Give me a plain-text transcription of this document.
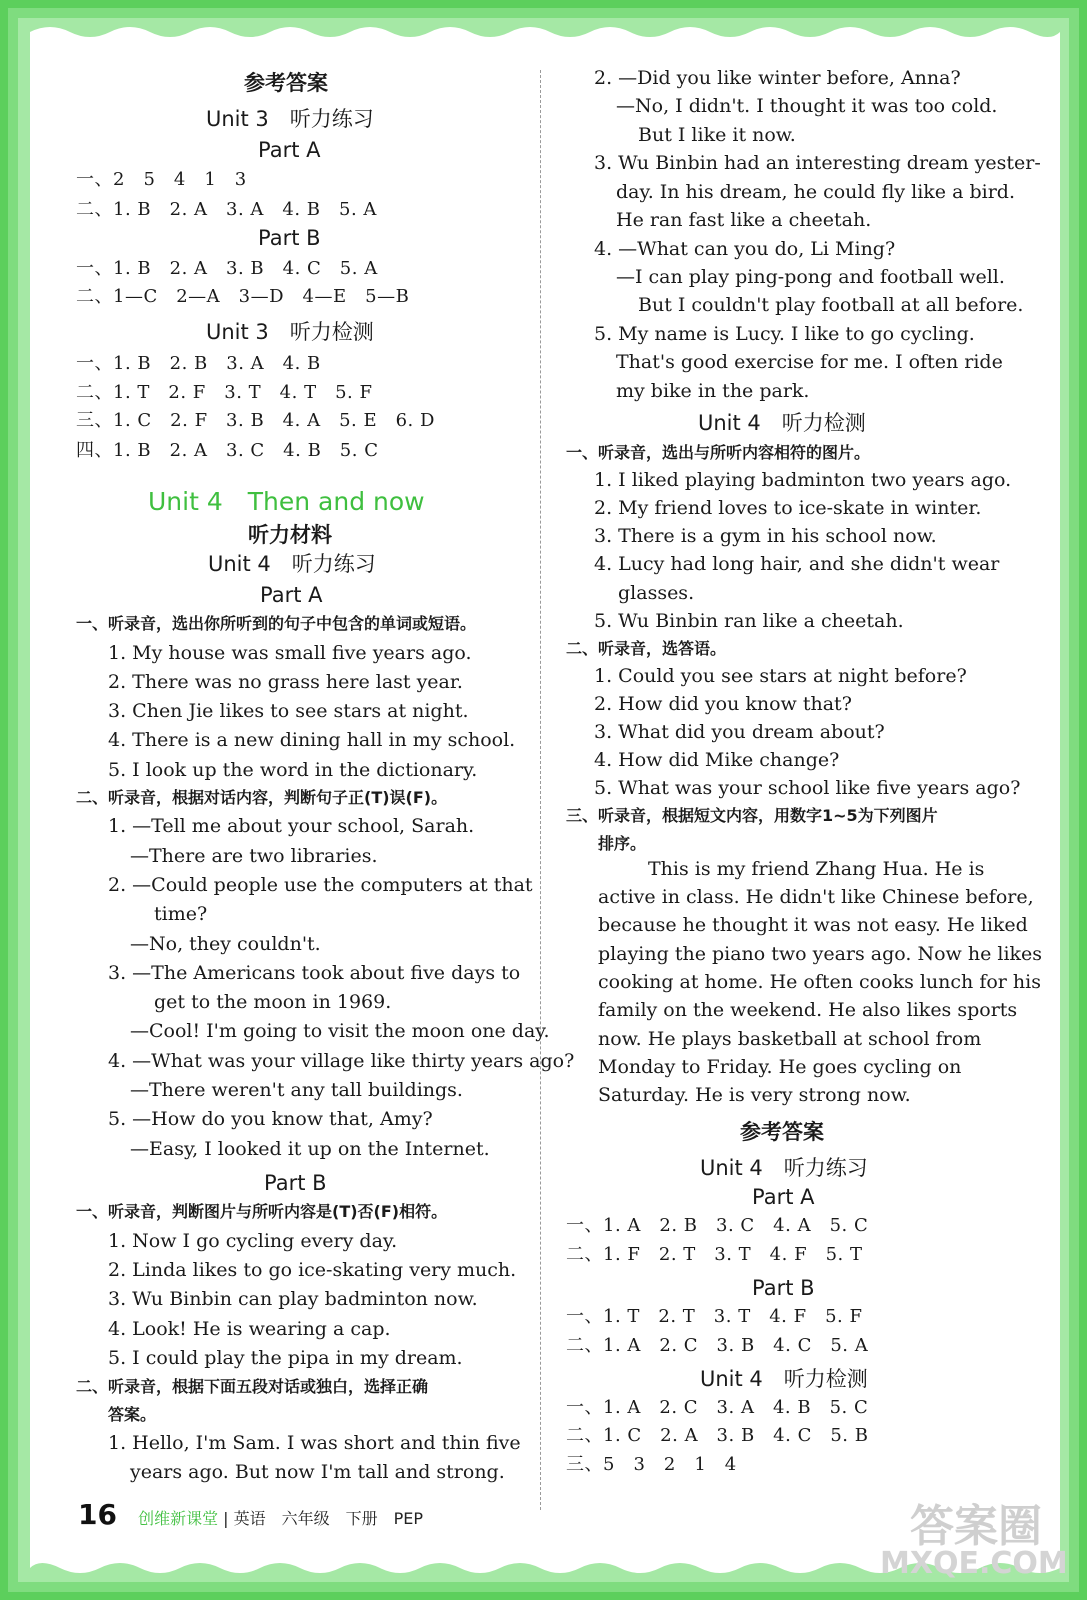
参考答案
Unit 3　听力练习
Part A
一、2　5　4　1　3
二、1. B　2. A　3. A　4. B　5. A
Part B
一、1. B　2. A　3. B　4. C　5. A
二、1—C　2—A　3—D　4—E　5—B
Unit 3　听力检测
一、1. B　2. B　3. A　4. B
二、1. T　2. F　3. T　4. T　5. F
三、1. C　2. F　3. B　4. A　5. E　6. D
四、1. B　2. A　3. C　4. B　5. C
Unit 4　Then and now
听力材料
Unit 4　听力练习
Part A
一、听录音，选出你所听到的句子中包含的单词或短语。
1. My house was small five years ago.
2. There was no grass here last year.
3. Chen Jie likes to see stars at night.
4. There is a new dining hall in my school.
5. I look up the word in the dictionary.
二、听录音，根据对话内容，判断句子正(T)误(F)。
1. —Tell me about your school, Sarah.
—There are two libraries.
2. —Could people use the computers at that
time?
—No, they couldn't.
3. —The Americans took about five days to
get to the moon in 1969.
—Cool! I'm going to visit the moon one day.
4. —What was your village like thirty years ago?
—There weren't any tall buildings.
5. —How do you know that, Amy?
—Easy, I looked it up on the Internet.
Part B
一、听录音，判断图片与所听内容是(T)否(F)相符。
1. Now I go cycling every day.
2. Linda likes to go ice-skating very much.
3. Wu Binbin can play badminton now.
4. Look! He is wearing a cap.
5. I could play the pipa in my dream.
二、听录音，根据下面五段对话或独白，选择正确
答案。
1. Hello, I'm Sam. I was short and thin five
years ago. But now I'm tall and strong.
2. —Did you like winter before, Anna?
—No, I didn't. I thought it was too cold.
But I like it now.
3. Wu Binbin had an interesting dream yester-
day. In his dream, he could fly like a bird.
He ran fast like a cheetah.
4. —What can you do, Li Ming?
—I can play ping-pong and football well.
But I couldn't play football at all before.
5. My name is Lucy. I like to go cycling.
That's good exercise for me. I often ride
my bike in the park.
Unit 4　听力检测
一、听录音，选出与所听内容相符的图片。
1. I liked playing badminton two years ago.
2. My friend loves to ice-skate in winter.
3. There is a gym in his school now.
4. Lucy had long hair, and she didn't wear
glasses.
5. Wu Binbin ran like a cheetah.
二、听录音，选答语。
1. Could you see stars at night before?
2. How did you know that?
3. What did you dream about?
4. How did Mike change?
5. What was your school like five years ago?
三、听录音，根据短文内容，用数字1~5为下列图片
排序。
This is my friend Zhang Hua. He is
active in class. He didn't like Chinese before,
because he thought it was not easy. He liked
playing the piano two years ago. Now he likes
cooking at home. He often cooks lunch for his
family on the weekend. He also likes sports
now. He plays basketball at school from
Monday to Friday. He goes cycling on
Saturday. He is very strong now.
参考答案
Unit 4　听力练习
Part A
一、1. A　2. B　3. C　4. A　5. C
二、1. F　2. T　3. T　4. F　5. T
Part B
一、1. T　2. T　3. T　4. F　5. F
二、1. A　2. C　3. B　4. C　5. A
Unit 4　听力检测
一、1. A　2. C　3. A　4. B　5. C
二、1. C　2. A　3. B　4. C　5. B
三、5　3　2　1　4
16 创维新课堂 | 英语　六年级　下册　PEP	答案圈
MXQE.COM
